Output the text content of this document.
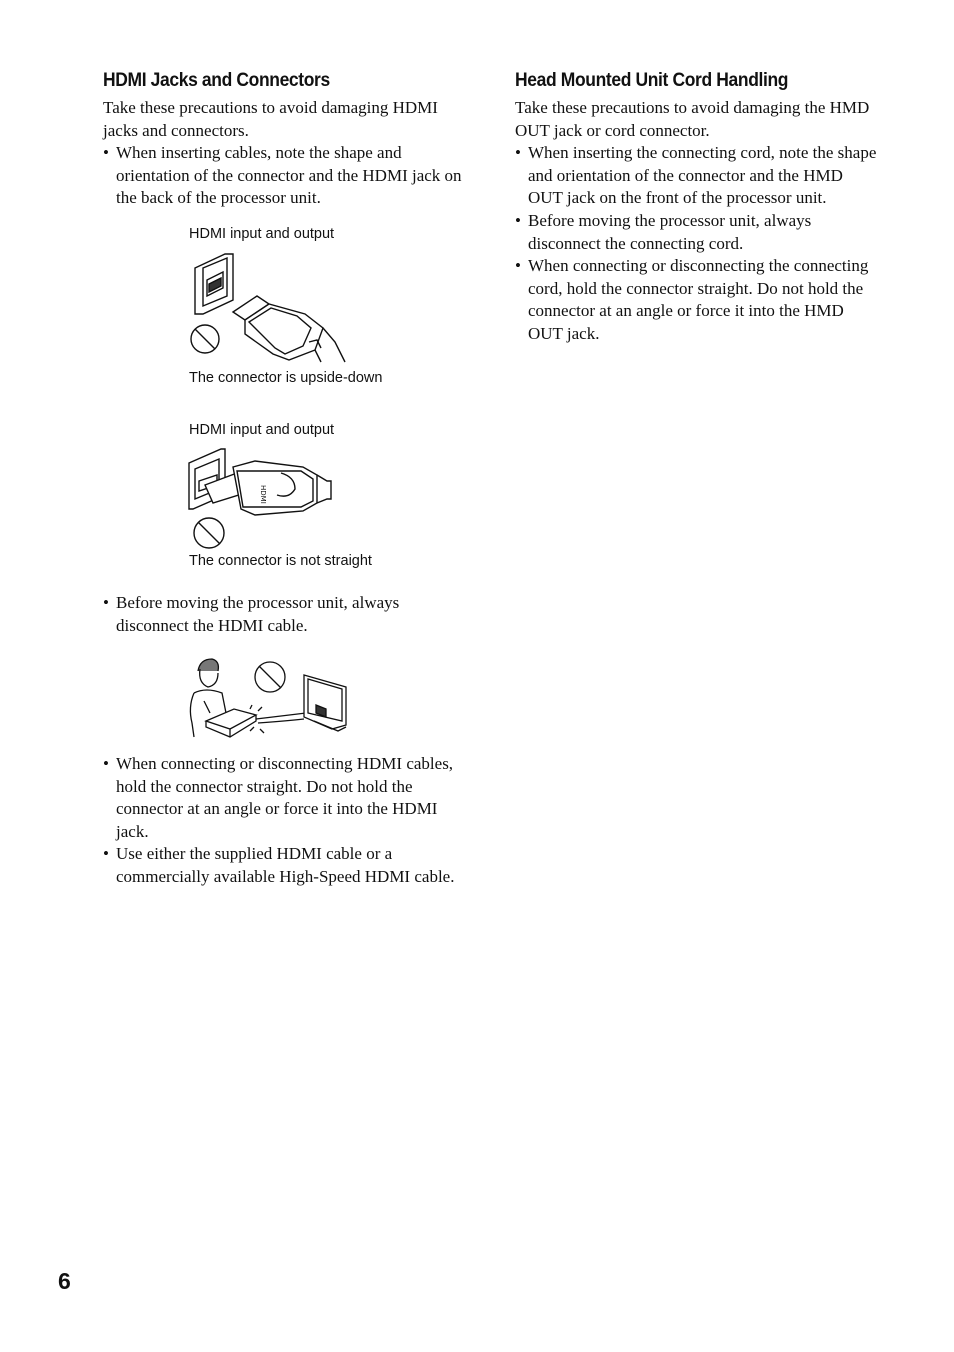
HDMI Jacks and Connectors

Take these precautions to avoid damaging HDMI jacks and connectors.

• When inserting cables, note the shape and orientation of the connector and the HDMI jack on the back of the processor unit.
HDMI input and output
The connector is upside-down
HDMI input and output
HDMI
The connector is not straight
• Before moving the processor unit, always disconnect the HDMI cable.
• When connecting or disconnecting HDMI cables, hold the connector straight. Do not hold the connector at an angle or force it into the HDMI jack.
• Use either the supplied HDMI cable or a commercially available High-Speed HDMI cable.
Head Mounted Unit Cord Handling

Take these precautions to avoid damaging the HMD OUT jack or cord connector.

• When inserting the connecting cord, note the shape and orientation of the connector and the HMD OUT jack on the front of the processor unit.
• Before moving the processor unit, always disconnect the connecting cord.
• When connecting or disconnecting the connecting cord, hold the connector straight. Do not hold the connector at an angle or force it into the HMD OUT jack.
6
